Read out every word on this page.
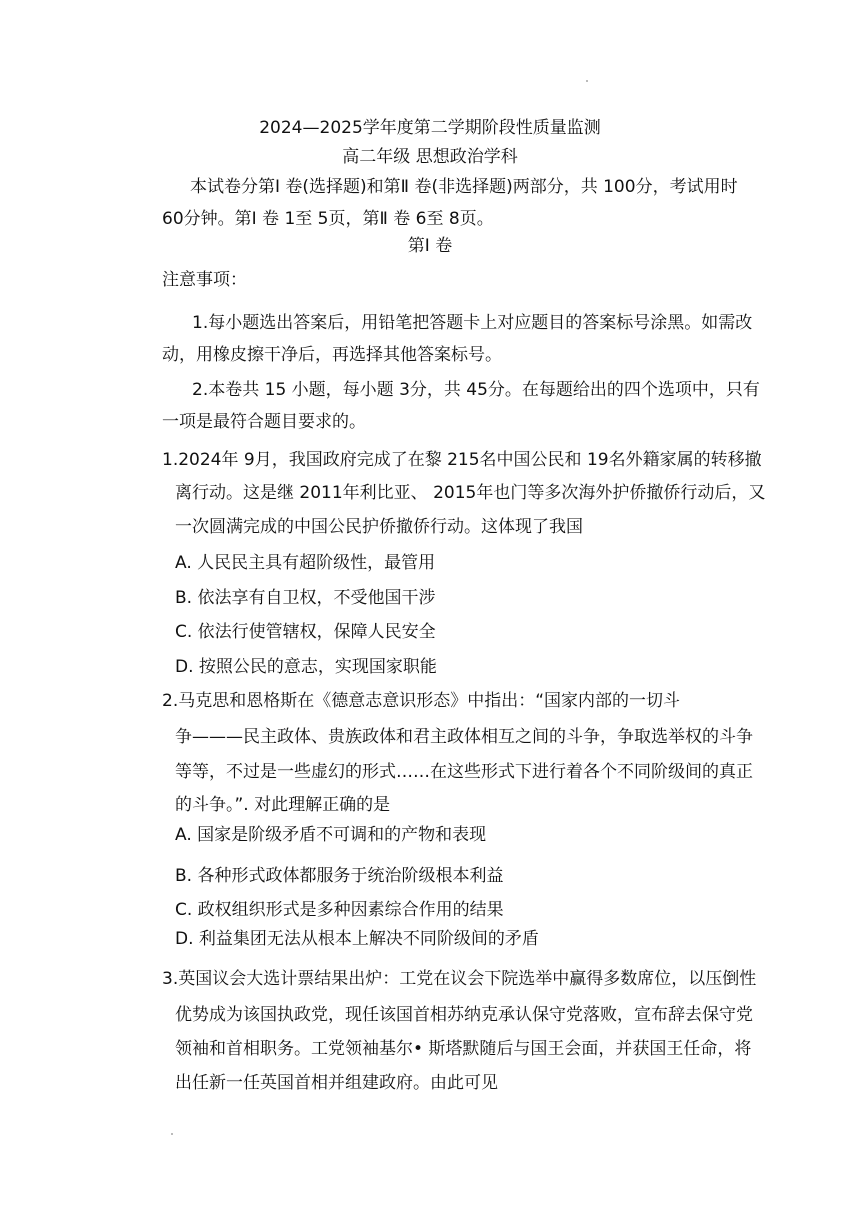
2024—2025学年度第二学期阶段性质量监测
高二年级 思想政治学科
本试卷分第Ⅰ 卷(选择题)和第Ⅱ 卷(非选择题)两部分，共 100分，考试用时
60分钟。第Ⅰ 卷 1至 5页，第Ⅱ 卷 6至 8页。
第Ⅰ 卷
注意事项：
1.每小题选出答案后，用铅笔把答题卡上对应题目的答案标号涂黑。如需改
动，用橡皮擦干净后，再选择其他答案标号。
2.本卷共 15 小题，每小题 3分，共 45分。在每题给出的四个选项中，只有
一项是最符合题目要求的。
1.2024年 9月，我国政府完成了在黎 215名中国公民和 19名外籍家属的转移撤
离行动。这是继 2011年利比亚、 2015年也门等多次海外护侨撤侨行动后，又
一次圆满完成的中国公民护侨撤侨行动。这体现了我国
A. 人民民主具有超阶级性，最管用
B. 依法享有自卫权，不受他国干涉
C. 依法行使管辖权，保障人民安全
D. 按照公民的意志，实现国家职能
2.马克思和恩格斯在《德意志意识形态》中指出：“国家内部的一切斗
争———民主政体、贵族政体和君主政体相互之间的斗争，争取选举权的斗争
等等，不过是一些虚幻的形式……在这些形式下进行着各个不同阶级间的真正
的斗争。”. 对此理解正确的是
A. 国家是阶级矛盾不可调和的产物和表现
B. 各种形式政体都服务于统治阶级根本利益
C. 政权组织形式是多种因素综合作用的结果
D. 利益集团无法从根本上解决不同阶级间的矛盾
3.英国议会大选计票结果出炉：工党在议会下院选举中赢得多数席位，以压倒性
优势成为该国执政党，现任该国首相苏纳克承认保守党落败，宣布辞去保守党
领袖和首相职务。工党领袖基尔• 斯塔默随后与国王会面，并获国王任命，将
出任新一任英国首相并组建政府。由此可见
